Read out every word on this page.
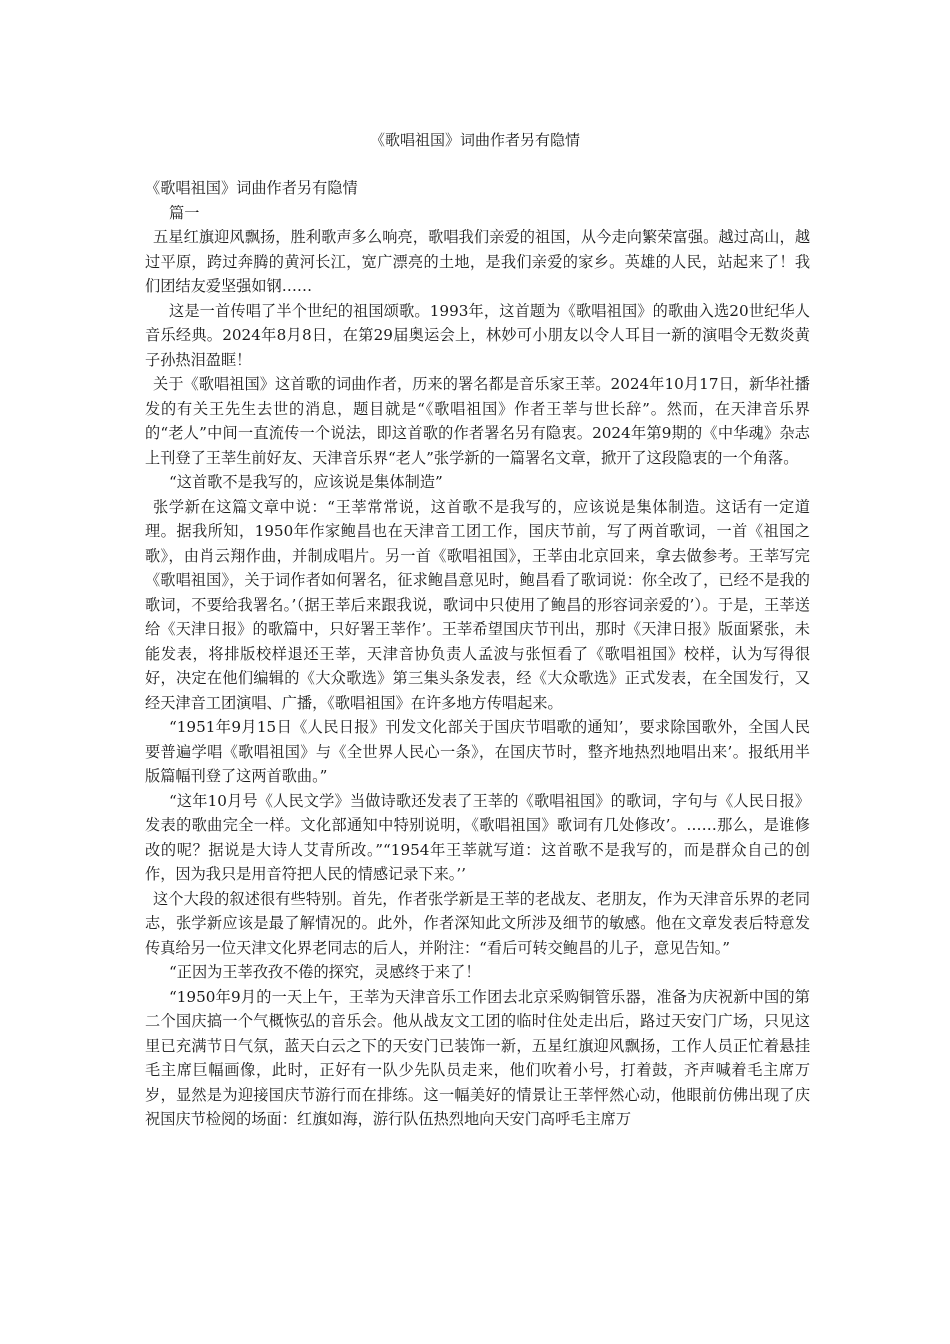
《歌唱祖国》词曲作者另有隐情

《歌唱祖国》词曲作者另有隐情

篇一

五星红旗迎风飘扬，胜利歌声多么响亮，歌唱我们亲爱的祖国，从今走向繁荣富强。越过高山，越过平原，跨过奔腾的黄河长江，宽广漂亮的土地，是我们亲爱的家乡。英雄的人民，站起来了！我们团结友爱坚强如钢……

这是一首传唱了半个世纪的祖国颂歌。1993年，这首题为《歌唱祖国》的歌曲入选20世纪华人音乐经典。2024年8月8日，在第29届奥运会上，林妙可小朋友以令人耳目一新的演唱令无数炎黄子孙热泪盈眶！

关于《歌唱祖国》这首歌的词曲作者，历来的署名都是音乐家王莘。2024年10月17日，新华社播发的有关王先生去世的消息，题目就是“《歌唱祖国》作者王莘与世长辞”。然而，在天津音乐界的“老人”中间一直流传一个说法，即这首歌的作者署名另有隐衷。2024年第9期的《中华魂》杂志上刊登了王莘生前好友、天津音乐界“老人”张学新的一篇署名文章，掀开了这段隐衷的一个角落。

“这首歌不是我写的，应该说是集体制造”

张学新在这篇文章中说：“王莘常常说，这首歌不是我写的，应该说是集体制造。这话有一定道理。据我所知，1950年作家鲍昌也在天津音工团工作，国庆节前，写了两首歌词，一首《祖国之歌》，由肖云翔作曲，并制成唱片。另一首《歌唱祖国》，王莘由北京回来，拿去做参考。王莘写完《歌唱祖国》，关于词作者如何署名，征求鲍昌意见时，鲍昌看了歌词说：你全改了，已经不是我的歌词，不要给我署名。’（据王莘后来跟我说，歌词中只使用了鲍昌的形容词亲爱的’）。于是，王莘送给《天津日报》的歌篇中，只好署王莘作’。王莘希望国庆节刊出，那时《天津日报》版面紧张，未能发表，将排版校样退还王莘，天津音协负责人孟波与张恒看了《歌唱祖国》校样，认为写得很好，决定在他们编辑的《大众歌选》第三集头条发表，经《大众歌选》正式发表，在全国发行，又经天津音工团演唱、广播，《歌唱祖国》在许多地方传唱起来。

“1951年9月15日《人民日报》刊发文化部关于国庆节唱歌的通知’，要求除国歌外，全国人民要普遍学唱《歌唱祖国》与《全世界人民心一条》，在国庆节时，整齐地热烈地唱出来’。报纸用半版篇幅刊登了这两首歌曲。”

“这年10月号《人民文学》当做诗歌还发表了王莘的《歌唱祖国》的歌词，字句与《人民日报》发表的歌曲完全一样。文化部通知中特别说明，《歌唱祖国》歌词有几处修改’。……那么，是谁修改的呢？据说是大诗人艾青所改。”“1954年王莘就写道：这首歌不是我写的，而是群众自己的创作，因为我只是用音符把人民的情感记录下来。’’

这个大段的叙述很有些特别。首先，作者张学新是王莘的老战友、老朋友，作为天津音乐界的老同志，张学新应该是最了解情况的。此外，作者深知此文所涉及细节的敏感。他在文章发表后特意发传真给另一位天津文化界老同志的后人，并附注：“看后可转交鲍昌的儿子，意见告知。”

“正因为王莘孜孜不倦的探究，灵感终于来了！

“1950年9月的一天上午，王莘为天津音乐工作团去北京采购铜管乐器，准备为庆祝新中国的第二个国庆搞一个气概恢弘的音乐会。他从战友文工团的临时住处走出后，路过天安门广场，只见这里已充满节日气氛，蓝天白云之下的天安门已装饰一新，五星红旗迎风飘扬，工作人员正忙着悬挂毛主席巨幅画像，此时，正好有一队少先队员走来，他们吹着小号，打着鼓，齐声喊着毛主席万岁，显然是为迎接国庆节游行而在排练。这一幅美好的情景让王莘怦然心动，他眼前仿佛出现了庆祝国庆节检阅的场面：红旗如海，游行队伍热烈地向天安门高呼毛主席万
